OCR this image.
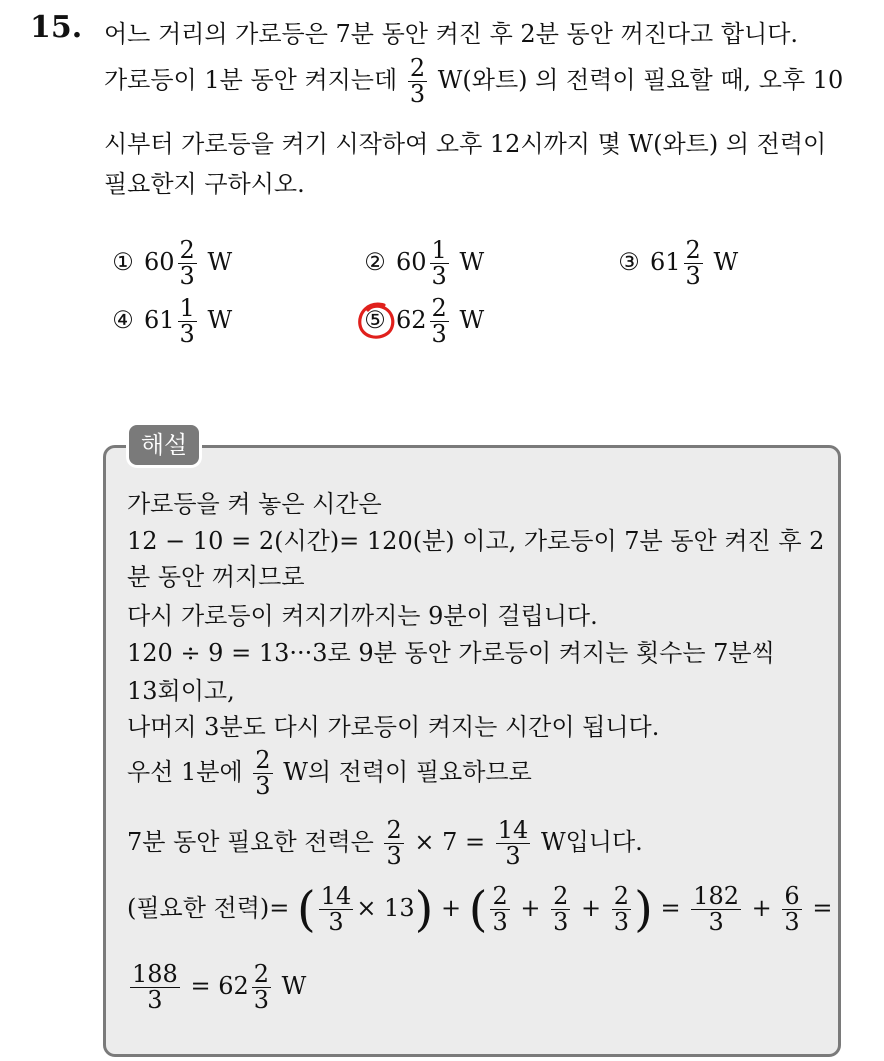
15. 어느 거리의 가로등은 7분 동안 켜진 후 2분 동안 꺼진다고 합니다.
가로등이 1분 동안 켜지는데 $\frac{2}{3} W$(와트) 의 전력이 필요할 때, 오후 10
시부터 가로등을 켜기 시작하여 오후 12시까지 몇 W(와트) 의 전력이
필요한지 구하시오.
① $60 \frac{2}{3}$ W	② $60 \frac{1}{3}$ W	③ $61 \frac{2}{3}$ W
④ $61 \frac{1}{3}$ W	⑤ $62 \frac{2}{3}$ W
해설
가로등을 켜 놓은 시간은
12 − 10 = 2(시간)= 120(분) 이고, 가로등이 7분 동안 켜진 후 2
분 동안 꺼지므로
다시 가로등이 켜지기까지는 9분이 걸립니다.
120 ÷ 9 = 13···3로 9분 동안 가로등이 켜지는 횟수는 7분씩
13회이고,
나머지 3분도 다시 가로등이 켜지는 시간이 됩니다.
우선 1분에 $\frac{2}{3}$ W의 전력이 필요하므로
7분 동안 필요한 전력은 $\frac{2}{3} \times 7 = \frac{14}{3}$ W입니다.
(필요한 전력)= ( $\frac{14}{3} \times 13$) + ( $\frac{2}{3} + \frac{2}{3} + \frac{2}{3}$ ) = $\frac{182}{3} + \frac{6}{3}$ =
$\frac{188}{3} = 62 \frac{2}{3}$ W
